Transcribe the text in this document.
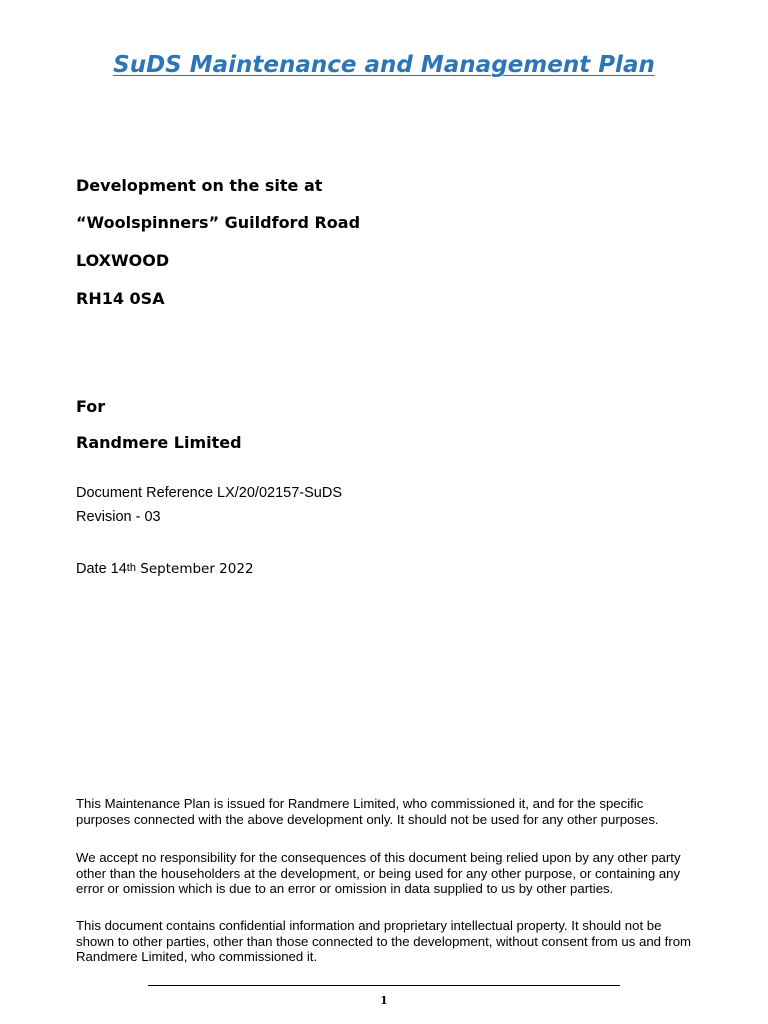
SuDS Maintenance and Management Plan

Development on the site at

“Woolspinners” Guildford Road

LOXWOOD

RH14 0SA

For

Randmere Limited

Document Reference LX/20/02157-SuDS

Revision - 03

Date 14th September 2022

This Maintenance Plan is issued for Randmere Limited, who commissioned it, and for the specific purposes connected with the above development only. It should not be used for any other purposes.

We accept no responsibility for the consequences of this document being relied upon by any other party other than the householders at the development, or being used for any other purpose, or containing any error or omission which is due to an error or omission in data supplied to us by other parties.

This document contains confidential information and proprietary intellectual property. It should not be shown to other parties, other than those connected to the development, without consent from us and from Randmere Limited, who commissioned it.

1
